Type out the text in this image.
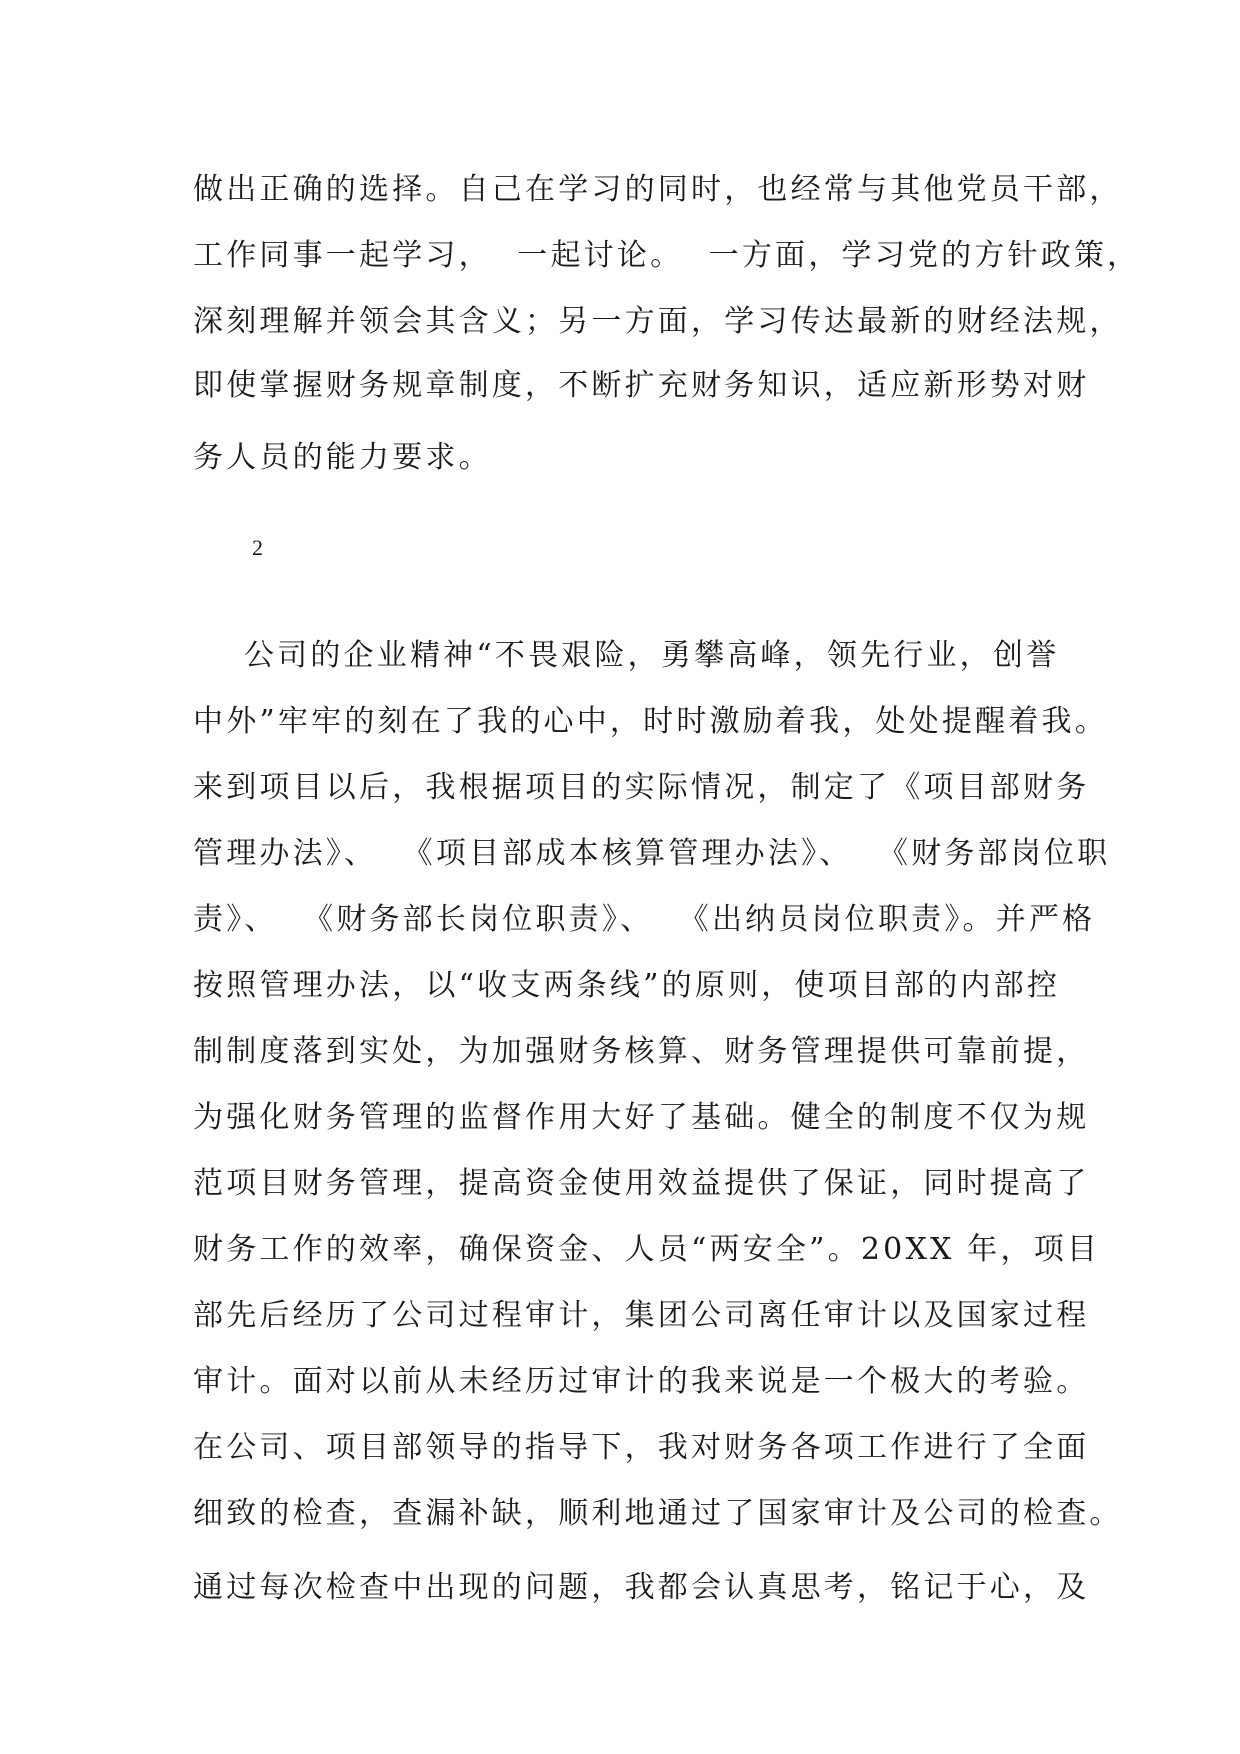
做出正确的选择。自己在学习的同时，也经常与其他党员干部，
工作同事一起学习，  一起讨论。  一方面，学习党的方针政策，
深刻理解并领会其含义；另一方面，学习传达最新的财经法规，
即使掌握财务规章制度，不断扩充财务知识，适应新形势对财
务人员的能力要求。
2
公司的企业精神“不畏艰险，勇攀高峰，领先行业，创誉
中外”牢牢的刻在了我的心中，时时激励着我，处处提醒着我。
来到项目以后，我根据项目的实际情况，制定了《项目部财务
管理办法》、  《项目部成本核算管理办法》、  《财务部岗位职
责》、  《财务部长岗位职责》、  《出纳员岗位职责》。并严格
按照管理办法，以“收支两条线”的原则，使项目部的内部控
制制度落到实处，为加强财务核算、财务管理提供可靠前提，
为强化财务管理的监督作用大好了基础。健全的制度不仅为规
范项目财务管理，提高资金使用效益提供了保证，同时提高了
财务工作的效率，确保资金、人员“两安全”。20XX 年，项目
部先后经历了公司过程审计，集团公司离任审计以及国家过程
审计。面对以前从未经历过审计的我来说是一个极大的考验。
在公司、项目部领导的指导下，我对财务各项工作进行了全面
细致的检查，查漏补缺，顺利地通过了国家审计及公司的检查。
通过每次检查中出现的问题，我都会认真思考，铭记于心，及
